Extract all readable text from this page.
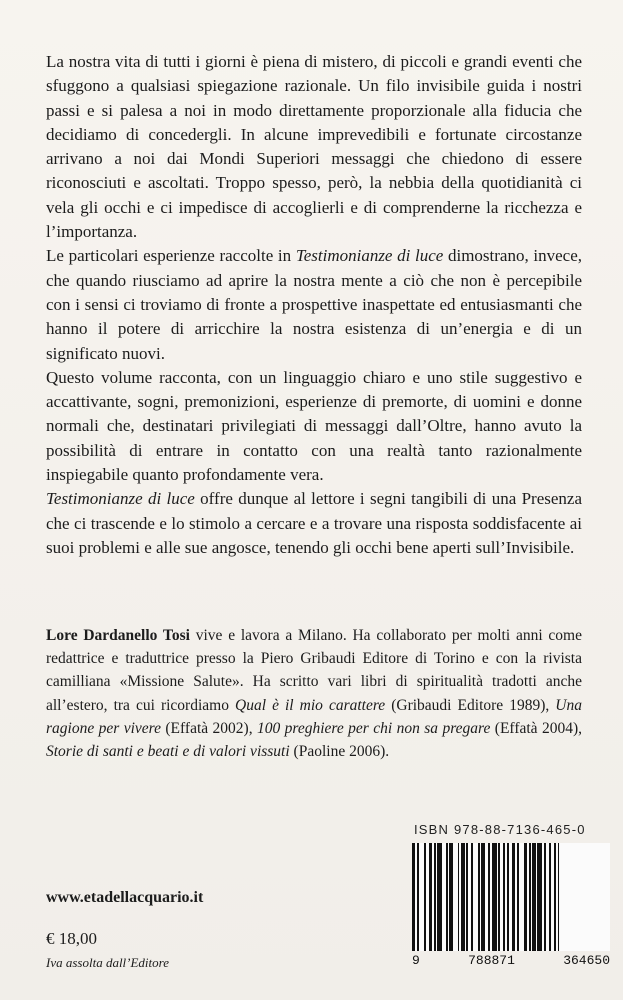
La nostra vita di tutti i giorni è piena di mistero, di piccoli e grandi eventi che sfuggono a qualsiasi spiegazione razionale. Un filo invisibile guida i nostri passi e si palesa a noi in modo direttamente proporzionale alla fiducia che decidiamo di concedergli. In alcune imprevedibili e fortunate circostanze arrivano a noi dai Mondi Superiori messaggi che chiedono di essere riconosciuti e ascoltati. Troppo spesso, però, la nebbia della quotidianità ci vela gli occhi e ci impedisce di accoglierli e di comprenderne la ricchezza e l’importanza.

Le particolari esperienze raccolte in Testimonianze di luce dimostrano, invece, che quando riusciamo ad aprire la nostra mente a ciò che non è percepibile con i sensi ci troviamo di fronte a prospettive inaspettate ed entusiasmanti che hanno il potere di arricchire la nostra esistenza di un’energia e di un significato nuovi.

Questo volume racconta, con un linguaggio chiaro e uno stile suggestivo e accattivante, sogni, premonizioni, esperienze di premorte, di uomini e donne normali che, destinatari privilegiati di messaggi dall’Oltre, hanno avuto la possibilità di entrare in contatto con una realtà tanto razionalmente inspiegabile quanto profondamente vera.

Testimonianze di luce offre dunque al lettore i segni tangibili di una Presenza che ci trascende e lo stimolo a cercare e a trovare una risposta soddisfacente ai suoi problemi e alle sue angosce, tenendo gli occhi bene aperti sull’Invisibile.

Lore Dardanello Tosi vive e lavora a Milano. Ha collaborato per molti anni come redattrice e traduttrice presso la Piero Gribaudi Editore di Torino e con la rivista camilliana «Missione Salute». Ha scritto vari libri di spiritualità tradotti anche all’estero, tra cui ricordiamo Qual è il mio carattere (Gribaudi Editore 1989), Una ragione per vivere (Effatà 2002), 100 preghiere per chi non sa pregare (Effatà 2004), Storie di santi e beati e di valori vissuti (Paoline 2006).
www.etadellacquario.it
€ 18,00
Iva assolta dall’Editore
ISBN 978-88-7136-465-0
9	788871	364650
